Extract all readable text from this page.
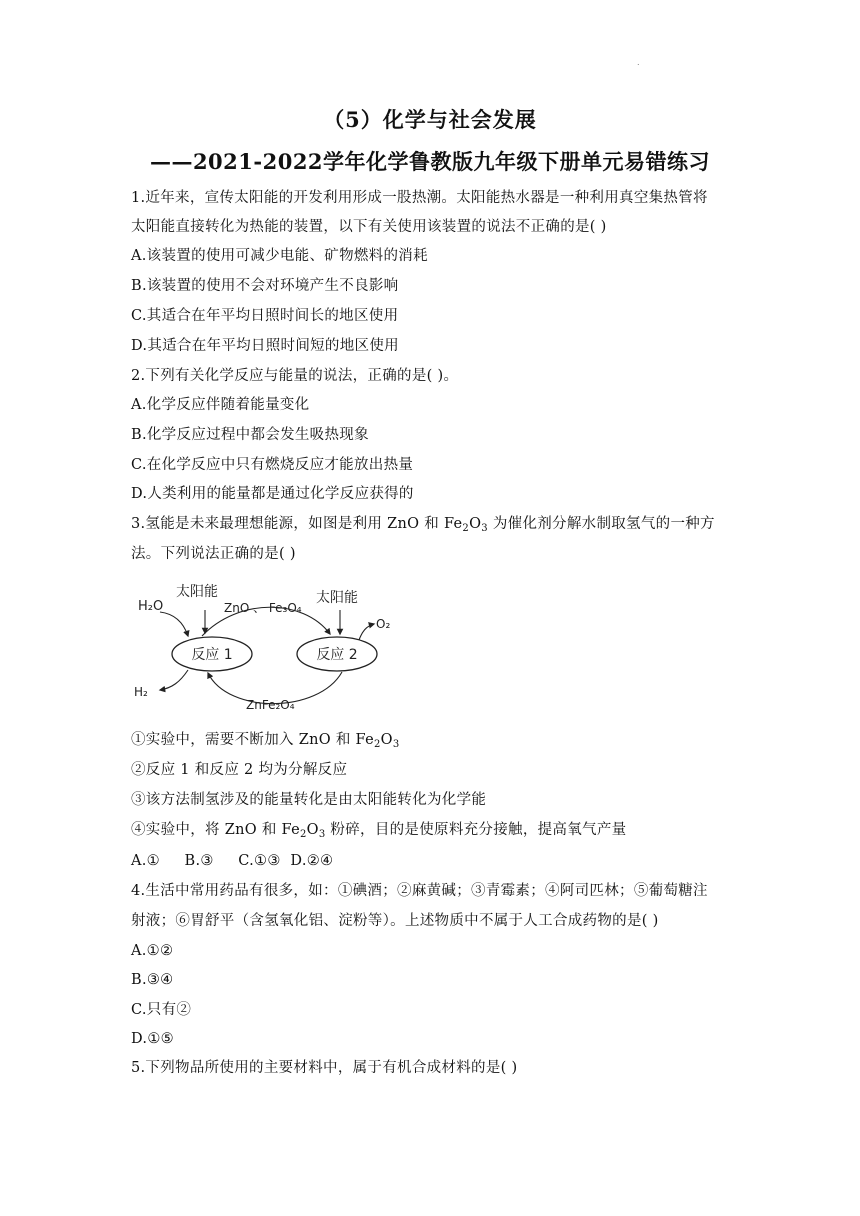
.
（5）化学与社会发展
——2021-2022学年化学鲁教版九年级下册单元易错练习
1.近年来，宣传太阳能的开发利用形成一股热潮。太阳能热水器是一种利用真空集热管将
太阳能直接转化为热能的装置，以下有关使用该装置的说法不正确的是( )
A.该装置的使用可减少电能、矿物燃料的消耗
B.该装置的使用不会对环境产生不良影响
C.其适合在年平均日照时间长的地区使用
D.其适合在年平均日照时间短的地区使用
2.下列有关化学反应与能量的说法，正确的是( )。
A.化学反应伴随着能量变化
B.化学反应过程中都会发生吸热现象
C.在化学反应中只有燃烧反应才能放出热量
D.人类利用的能量都是通过化学反应获得的
3.氢能是未来最理想能源，如图是利用 ZnO 和 $Fe_2O_3$ 为催化剂分解水制取氢气的一种方
法。下列说法正确的是( )
H₂O
太阳能
ZnO 、 Fe₃O₄
太阳能
O₂
反应 1	反应 2
H₂
ZnFe₂O₄
①实验中，需要不断加入 ZnO 和 $Fe_2O_3$
②反应 1 和反应 2 均为分解反应
③该方法制氢涉及的能量转化是由太阳能转化为化学能
④实验中，将 ZnO 和 $Fe_2O_3$ 粉碎，目的是使原料充分接触，提高氧气产量
A.①     B.③     C.①③  D.②④
4.生活中常用药品有很多，如：①碘酒；②麻黄碱；③青霉素；④阿司匹林；⑤葡萄糖注
射液；⑥胃舒平（含氢氧化铝、淀粉等）。上述物质中不属于人工合成药物的是( )
A.①②
B.③④
C.只有②
D.①⑤
5.下列物品所使用的主要材料中，属于有机合成材料的是( )
